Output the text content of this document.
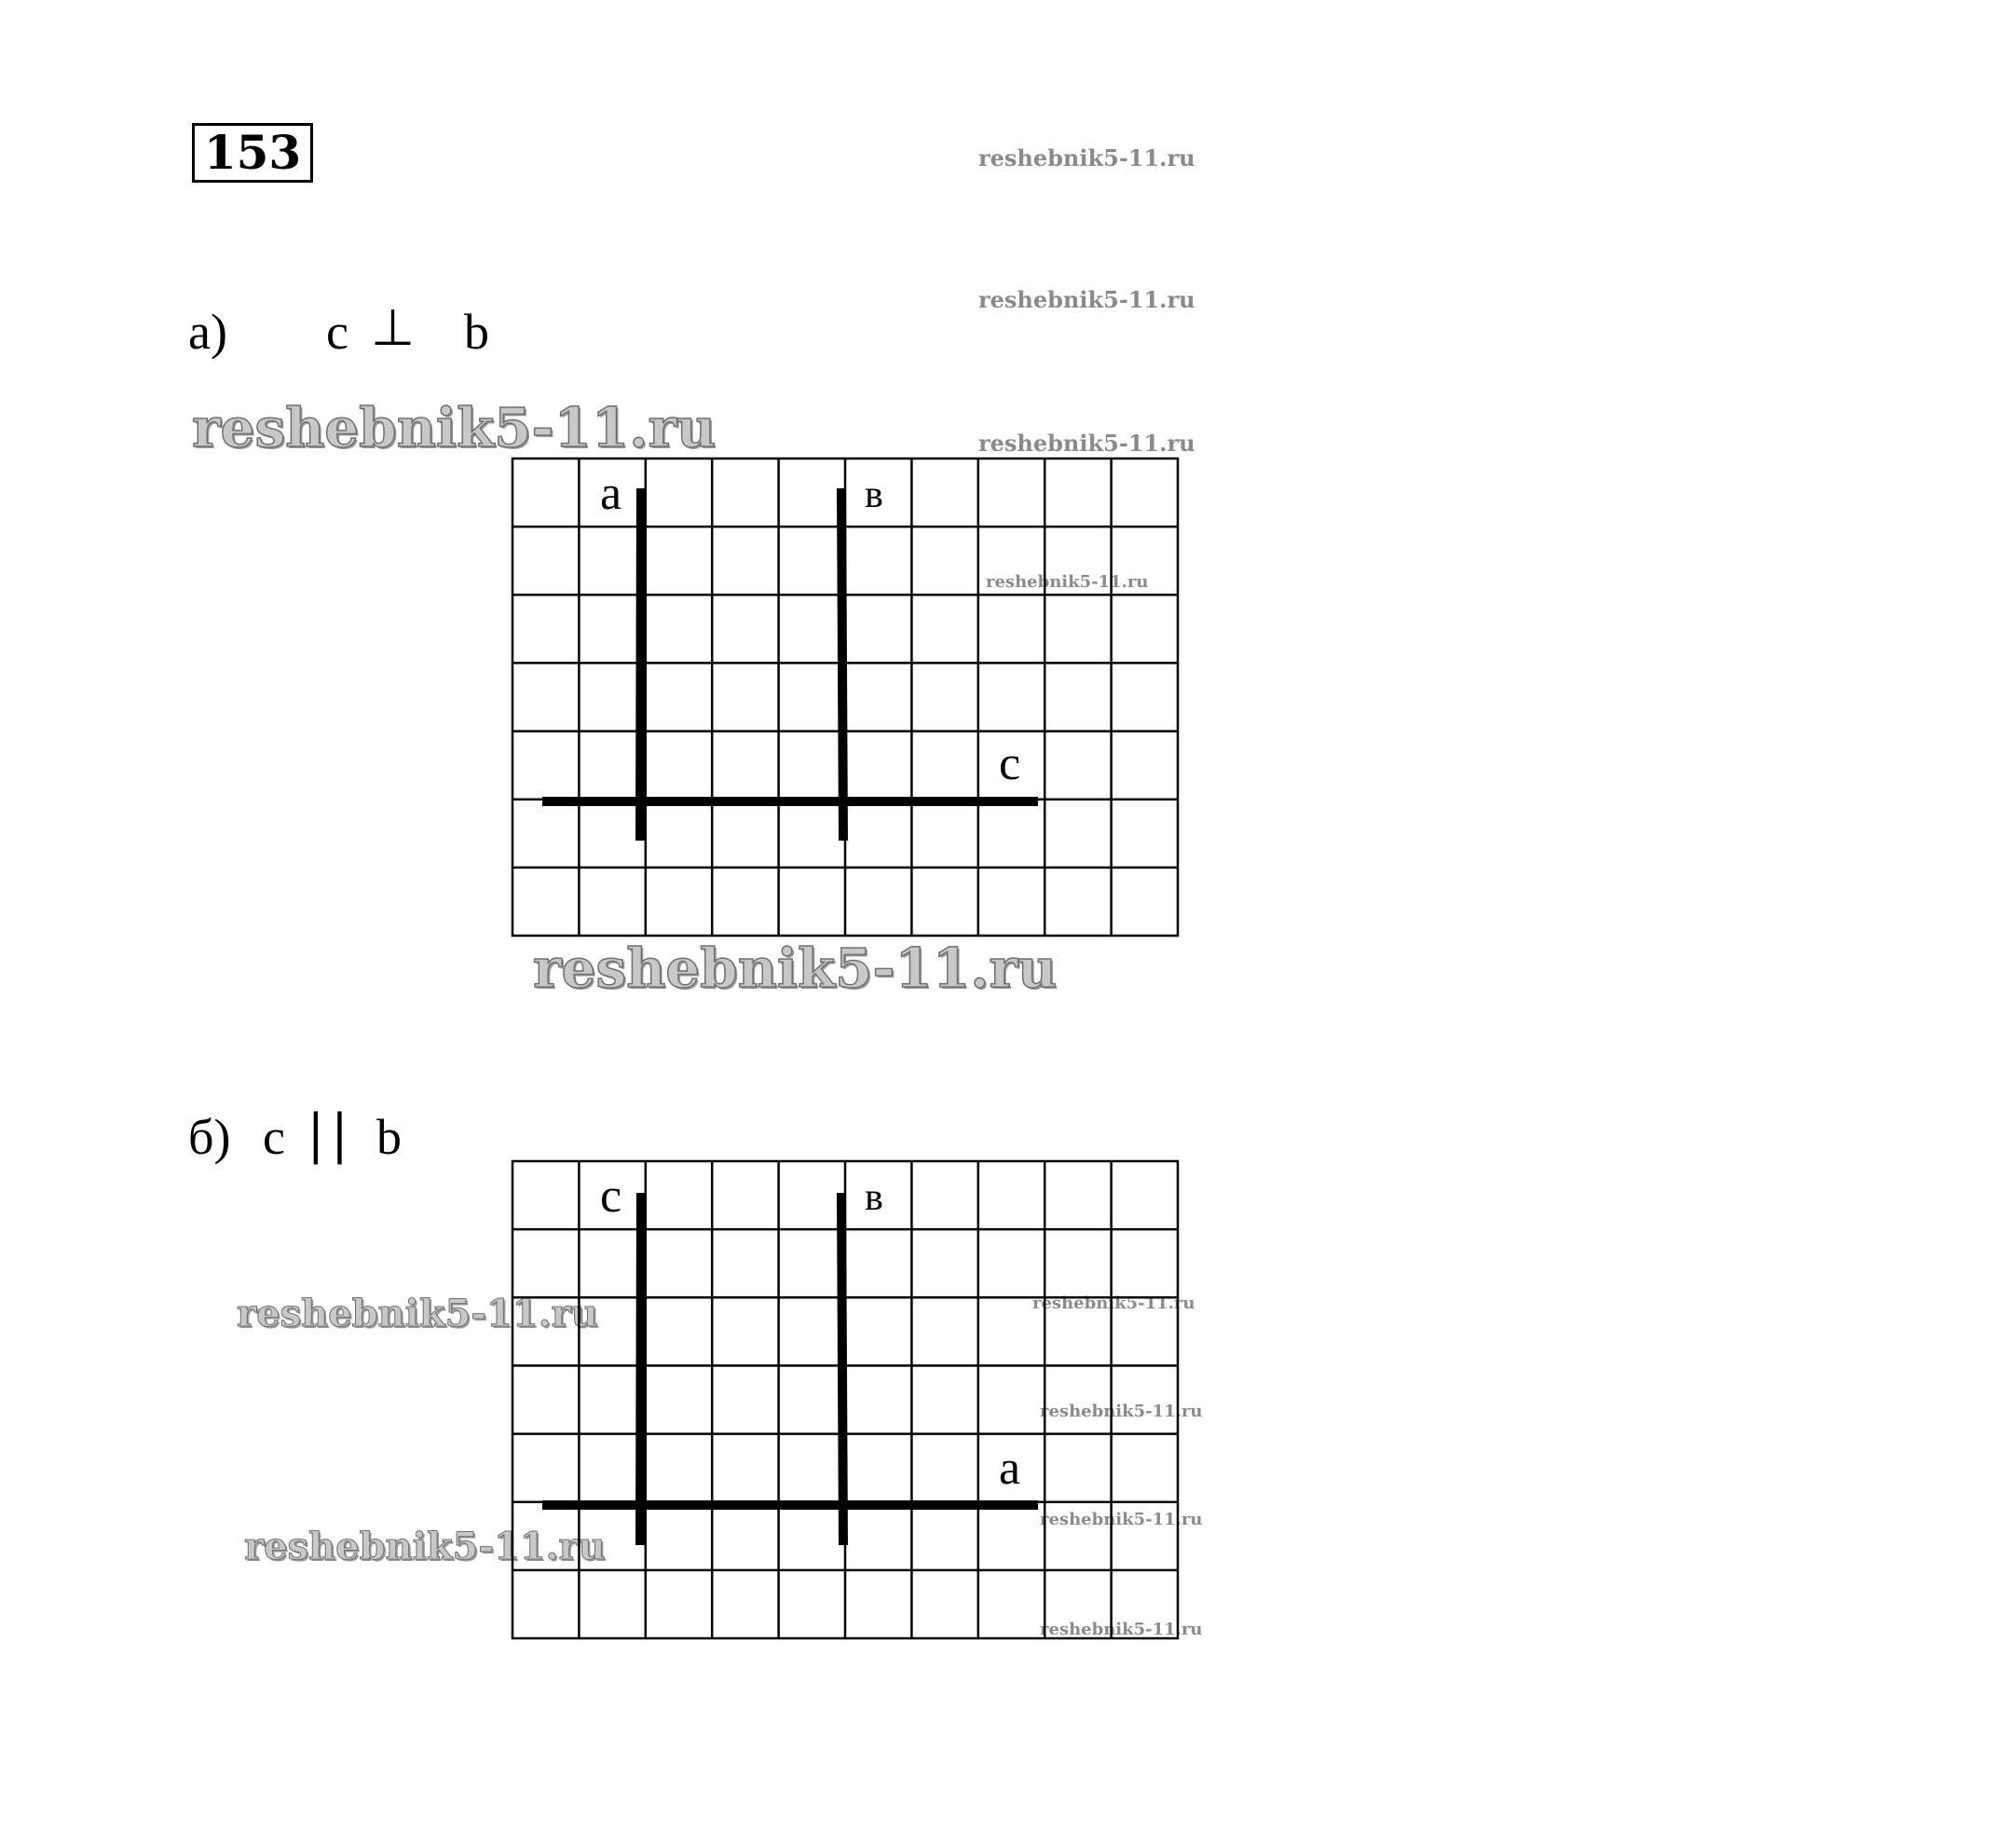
153	reshebnik5-11.ru
reshebnik5-11.ru
reshebnik5-11.ru
reshebnik5-11.ru
reshebnik5-11.ru
reshebnik5-11.ru
reshebnik5-11.ru
reshebnik5-11.ru
reshebnik5-11.ru
reshebnik5-11.ru
reshebnik5-11.ru
reshebnik5-11.ru
а) c ⊥ b
a	в
c
б) c || b
c	в
a
